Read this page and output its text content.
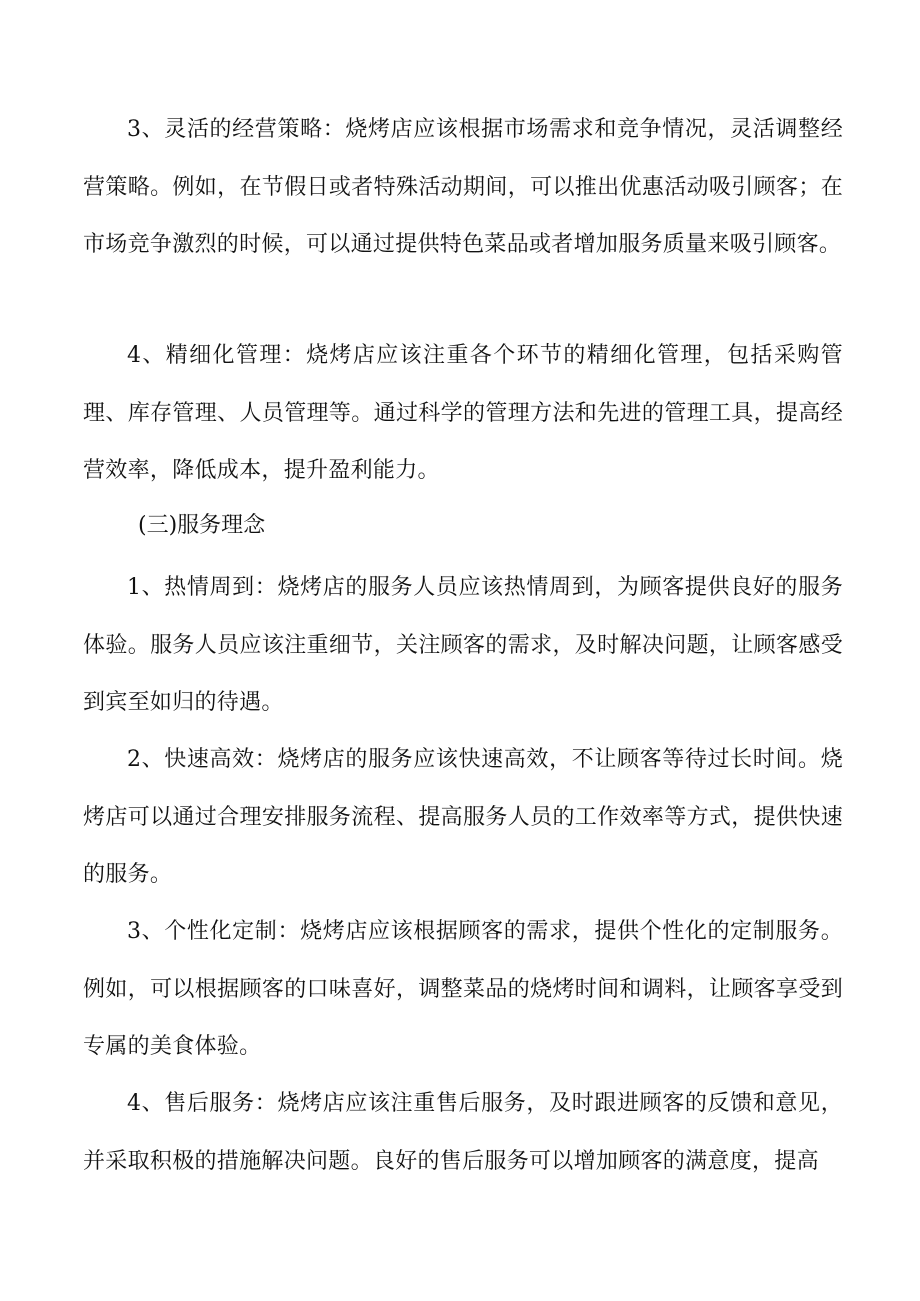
3、灵活的经营策略：烧烤店应该根据市场需求和竞争情况，灵活调整经营策略。例如，在节假日或者特殊活动期间，可以推出优惠活动吸引顾客；在市场竞争激烈的时候，可以通过提供特色菜品或者增加服务质量来吸引顾客。

4、精细化管理：烧烤店应该注重各个环节的精细化管理，包括采购管理、库存管理、人员管理等。通过科学的管理方法和先进的管理工具，提高经营效率，降低成本，提升盈利能力。

(三)服务理念

1、热情周到：烧烤店的服务人员应该热情周到，为顾客提供良好的服务体验。服务人员应该注重细节，关注顾客的需求，及时解决问题，让顾客感受到宾至如归的待遇。

2、快速高效：烧烤店的服务应该快速高效，不让顾客等待过长时间。烧烤店可以通过合理安排服务流程、提高服务人员的工作效率等方式，提供快速的服务。

3、个性化定制：烧烤店应该根据顾客的需求，提供个性化的定制服务。例如，可以根据顾客的口味喜好，调整菜品的烧烤时间和调料，让顾客享受到专属的美食体验。

4、售后服务：烧烤店应该注重售后服务，及时跟进顾客的反馈和意见，并采取积极的措施解决问题。良好的售后服务可以增加顾客的满意度，提高
